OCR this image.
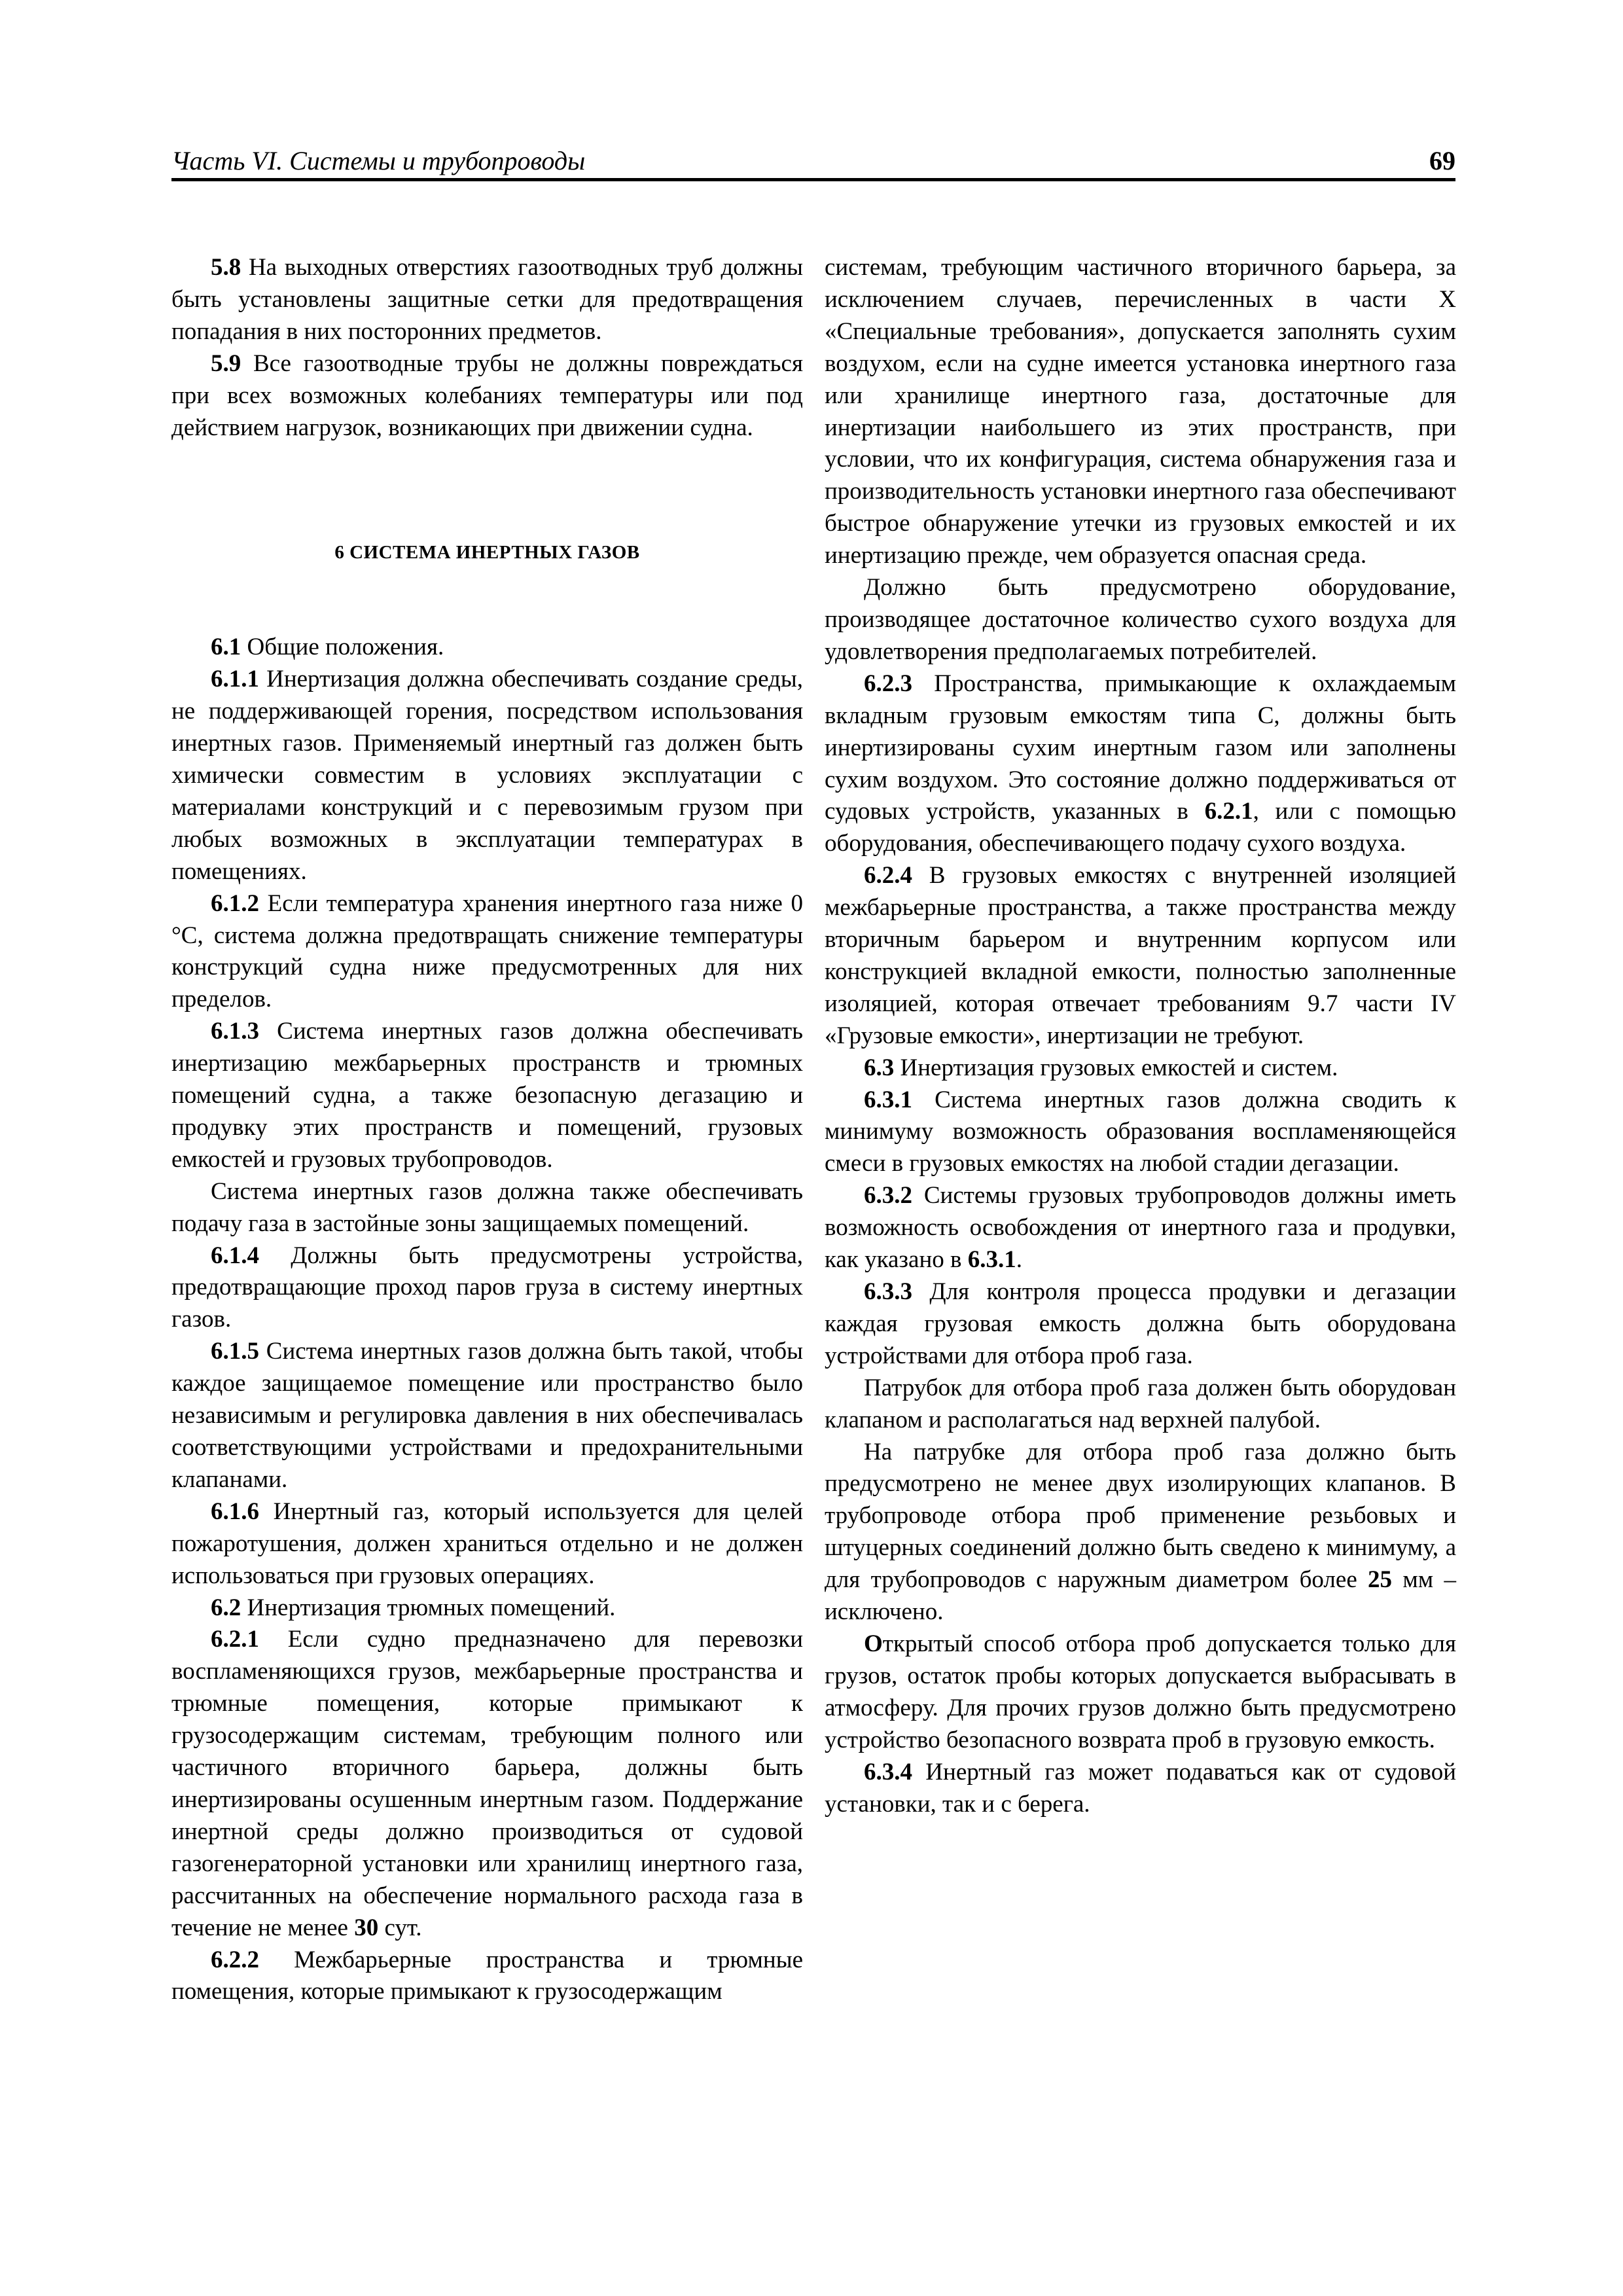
Часть VI. Системы и трубопроводы	69

5.8 На выходных отверстиях газоотводных труб должны быть установлены защитные сетки для предотвращения попадания в них посторонних предметов.

5.9 Все газоотводные трубы не должны повреждаться при всех возможных колебаниях температуры или под действием нагрузок, возникающих при движении судна.

6 СИСТЕМА ИНЕРТНЫХ ГАЗОВ

6.1 Общие положения.

6.1.1 Инертизация должна обеспечивать создание среды, не поддерживающей горения, посредством использования инертных газов. Применяемый инертный газ должен быть химически совместим в условиях эксплуатации с материалами конструкций и с перевозимым грузом при любых возможных в эксплуатации температурах в помещениях.

6.1.2 Если температура хранения инертного газа ниже 0 °C, система должна предотвращать снижение температуры конструкций судна ниже предусмотренных для них пределов.

6.1.3 Система инертных газов должна обеспечивать инертизацию межбарьерных пространств и трюмных помещений судна, а также безопасную дегазацию и продувку этих пространств и помещений, грузовых емкостей и грузовых трубопроводов.

Система инертных газов должна также обеспечивать подачу газа в застойные зоны защищаемых помещений.

6.1.4 Должны быть предусмотрены устройства, предотвращающие проход паров груза в систему инертных газов.

6.1.5 Система инертных газов должна быть такой, чтобы каждое защищаемое помещение или пространство было независимым и регулировка давления в них обеспечивалась соответствующими устройствами и предохранительными клапанами.

6.1.6 Инертный газ, который используется для целей пожаротушения, должен храниться отдельно и не должен использоваться при грузовых операциях.

6.2 Инертизация трюмных помещений.

6.2.1 Если судно предназначено для перевозки воспламеняющихся грузов, межбарьерные пространства и трюмные помещения, которые примыкают к грузосодержащим системам, требующим полного или частичного вторичного барьера, должны быть инертизированы осушенным инертным газом. Поддержание инертной среды должно производиться от судовой газогенераторной установки или хранилищ инертного газа, рассчитанных на обеспечение нормального расхода газа в течение не менее 30 сут.

6.2.2 Межбарьерные пространства и трюмные помещения, которые примыкают к грузосодержащим

системам, требующим частичного вторичного барьера, за исключением случаев, перечисленных в части X «Специальные требования», допускается заполнять сухим воздухом, если на судне имеется установка инертного газа или хранилище инертного газа, достаточные для инертизации наибольшего из этих пространств, при условии, что их конфигурация, система обнаружения газа и производительность установки инертного газа обеспечивают быстрое обнаружение утечки из грузовых емкостей и их инертизацию прежде, чем образуется опасная среда.

Должно быть предусмотрено оборудование, производящее достаточное количество сухого воздуха для удовлетворения предполагаемых потребителей.

6.2.3 Пространства, примыкающие к охлаждаемым вкладным грузовым емкостям типа С, должны быть инертизированы сухим инертным газом или заполнены сухим воздухом. Это состояние должно поддерживаться от судовых устройств, указанных в 6.2.1, или с помощью оборудования, обеспечивающего подачу сухого воздуха.

6.2.4 В грузовых емкостях с внутренней изоляцией межбарьерные пространства, а также пространства между вторичным барьером и внутренним корпусом или конструкцией вкладной емкости, полностью заполненные изоляцией, которая отвечает требованиям 9.7 части IV «Грузовые емкости», инертизации не требуют.

6.3 Инертизация грузовых емкостей и систем.

6.3.1 Система инертных газов должна сводить к минимуму возможность образования воспламеняющейся смеси в грузовых емкостях на любой стадии дегазации.

6.3.2 Системы грузовых трубопроводов должны иметь возможность освобождения от инертного газа и продувки, как указано в 6.3.1.

6.3.3 Для контроля процесса продувки и дегазации каждая грузовая емкость должна быть оборудована устройствами для отбора проб газа.

Патрубок для отбора проб газа должен быть оборудован клапаном и располагаться над верхней палубой.

На патрубке для отбора проб газа должно быть предусмотрено не менее двух изолирующих клапанов. В трубопроводе отбора проб применение резьбовых и штуцерных соединений должно быть сведено к минимуму, а для трубопроводов с наружным диаметром более 25 мм – исключено.

Открытый способ отбора проб допускается только для грузов, остаток пробы которых допускается выбрасывать в атмосферу. Для прочих грузов должно быть предусмотрено устройство безопасного возврата проб в грузовую емкость.

6.3.4 Инертный газ может подаваться как от судовой установки, так и с берега.
